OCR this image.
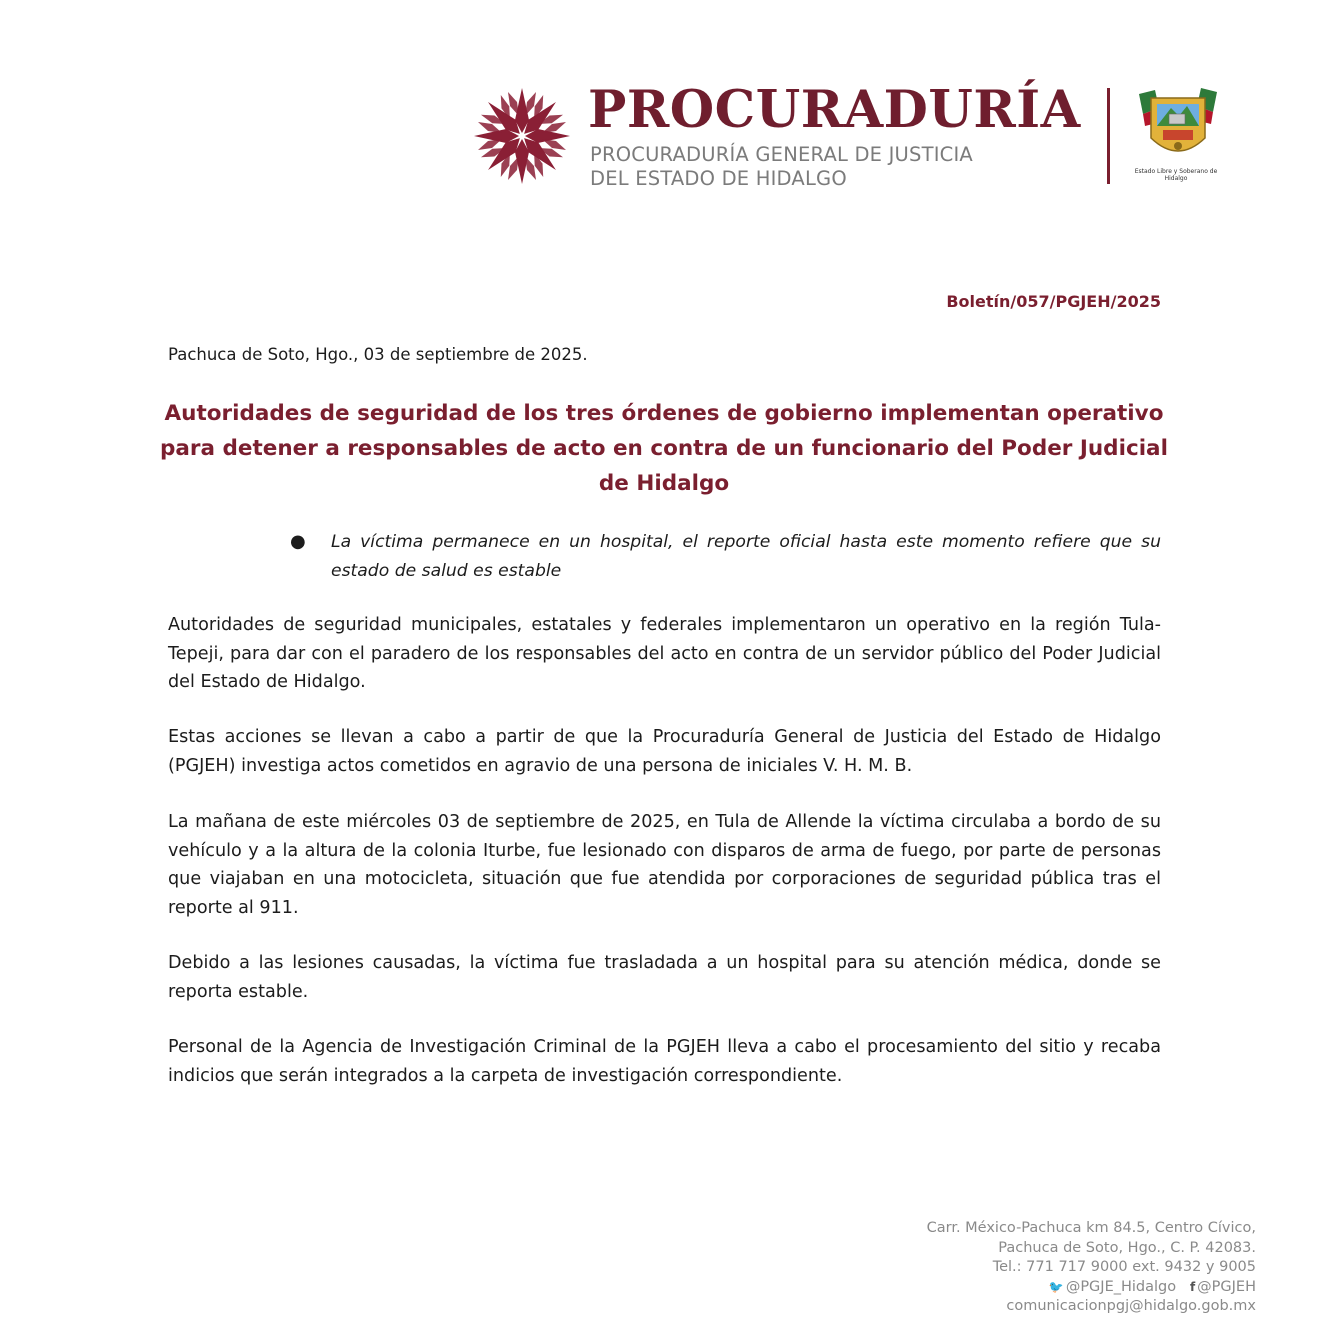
PROCURADURÍA
PROCURADURÍA GENERAL DE JUSTICIA
DEL ESTADO DE HIDALGO	Estado Libre y Soberano de Hidalgo
Boletín/057/PGJEH/2025
Pachuca de Soto, Hgo., 03 de septiembre de 2025.
Autoridades de seguridad de los tres órdenes de gobierno implementan operativo para detener a responsables de acto en contra de un funcionario del Poder Judicial de Hidalgo
● La víctima permanece en un hospital, el reporte oficial hasta este momento refiere que su estado de salud es estable
Autoridades de seguridad municipales, estatales y federales implementaron un operativo en la región Tula-Tepeji, para dar con el paradero de los responsables del acto en contra de un servidor público del Poder Judicial del Estado de Hidalgo.
Estas acciones se llevan a cabo a partir de que la Procuraduría General de Justicia del Estado de Hidalgo (PGJEH) investiga actos cometidos en agravio de una persona de iniciales V. H. M. B.
La mañana de este miércoles 03 de septiembre de 2025, en Tula de Allende la víctima circulaba a bordo de su vehículo y a la altura de la colonia Iturbe, fue lesionado con disparos de arma de fuego, por parte de personas que viajaban en una motocicleta, situación que fue atendida por corporaciones de seguridad pública tras el reporte al 911.
Debido a las lesiones causadas, la víctima fue trasladada a un hospital para su atención médica, donde se reporta estable.
Personal de la Agencia de Investigación Criminal de la PGJEH lleva a cabo el procesamiento del sitio y recaba indicios que serán integrados a la carpeta de investigación correspondiente.
Carr. México-Pachuca km 84.5, Centro Cívico,
Pachuca de Soto, Hgo., C. P. 42083.
Tel.: 771 717 9000 ext. 9432 y 9005
🐦 @PGJE_Hidalgo f @PGJEH
comunicacionpgj@hidalgo.gob.mx
